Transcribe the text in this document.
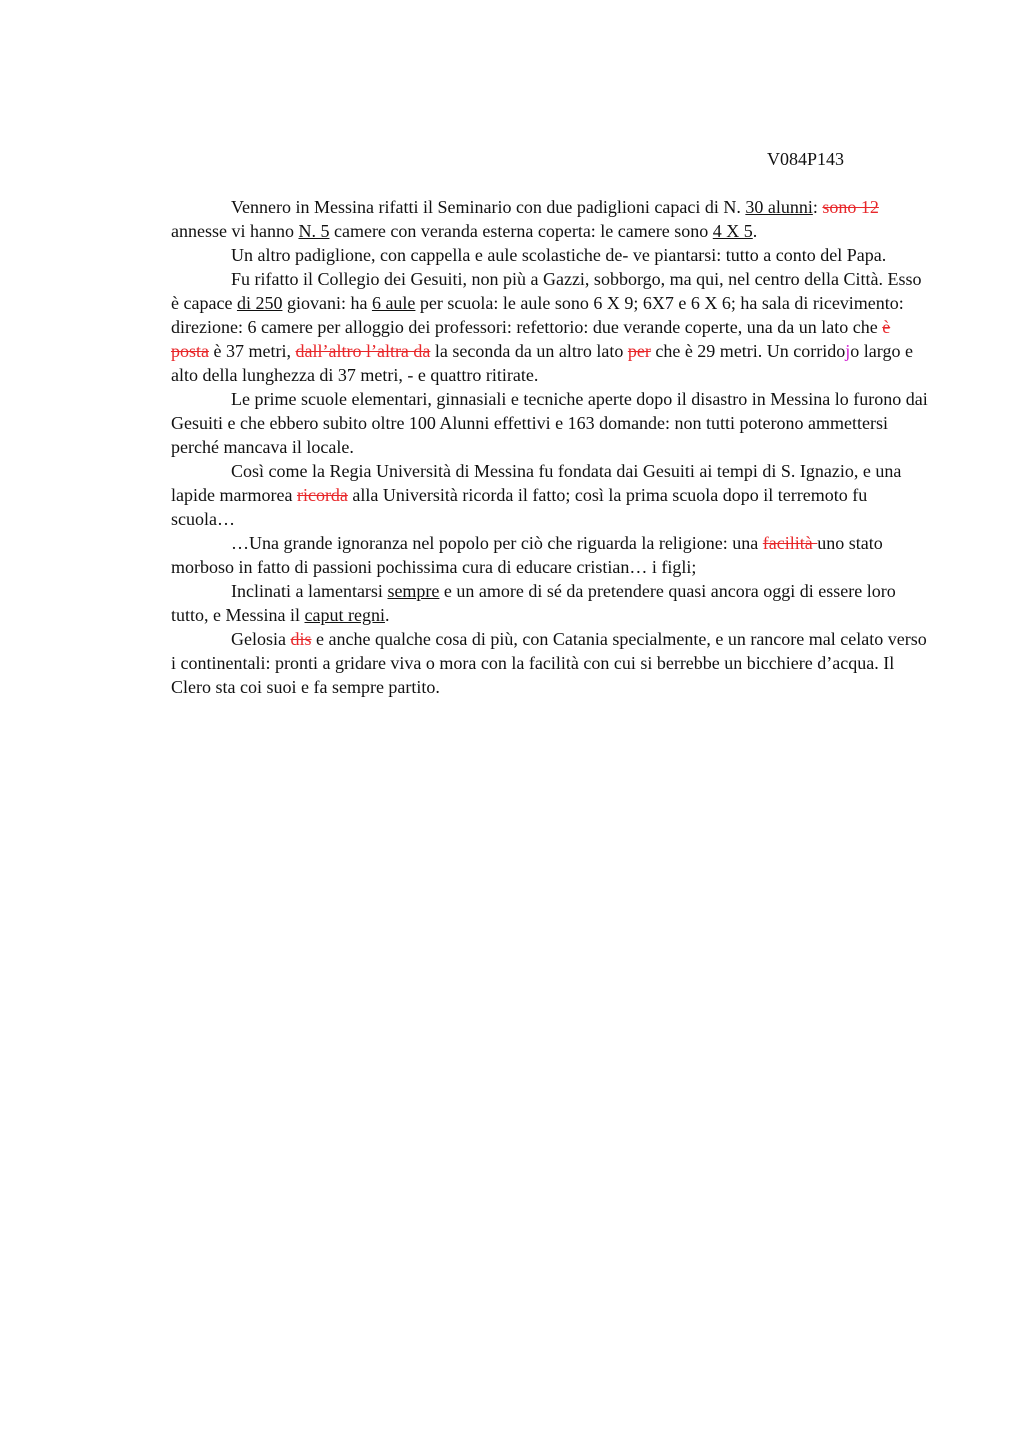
V084P143

Vennero in Messina rifatti il Seminario con due padiglioni capaci di N. 30 alunni: sono 12 annesse vi hanno N. 5 camere con veranda esterna coperta: le camere sono 4 X 5.

Un altro padiglione, con cappella e aule scolastiche de- ve piantarsi: tutto a conto del Papa.

Fu rifatto il Collegio dei Gesuiti, non più a Gazzi, sobborgo, ma qui, nel centro della Città. Esso è capace di 250 giovani: ha 6 aule per scuola: le aule sono 6 X 9; 6X7 e 6 X 6; ha sala di ricevimento: direzione: 6 camere per alloggio dei professori: refettorio: due verande coperte, una da un lato che è posta è 37 metri, dall’altro l’altra da la seconda da un altro lato per che è 29 metri. Un corridojo largo e alto della lunghezza di 37 metri, - e quattro ritirate.

Le prime scuole elementari, ginnasiali e tecniche aperte dopo il disastro in Messina lo furono dai Gesuiti e che ebbero subito oltre 100 Alunni effettivi e 163 domande: non tutti poterono ammettersi perché mancava il locale.

Così come la Regia Università di Messina fu fondata dai Gesuiti ai tempi di S. Ignazio, e una lapide marmorea ricorda alla Università ricorda il fatto; così la prima scuola dopo il terremoto fu scuola…

…Una grande ignoranza nel popolo per ciò che riguarda la religione: una facilità uno stato morboso in fatto di passioni pochissima cura di educare cristian… i figli;

Inclinati a lamentarsi sempre e un amore di sé da pretendere quasi ancora oggi di essere loro tutto, e Messina il caput regni.

Gelosia dis e anche qualche cosa di più, con Catania specialmente, e un rancore mal celato verso i continentali: pronti a gridare viva o mora con la facilità con cui si berrebbe un bicchiere d’acqua. Il Clero sta coi suoi e fa sempre partito.
